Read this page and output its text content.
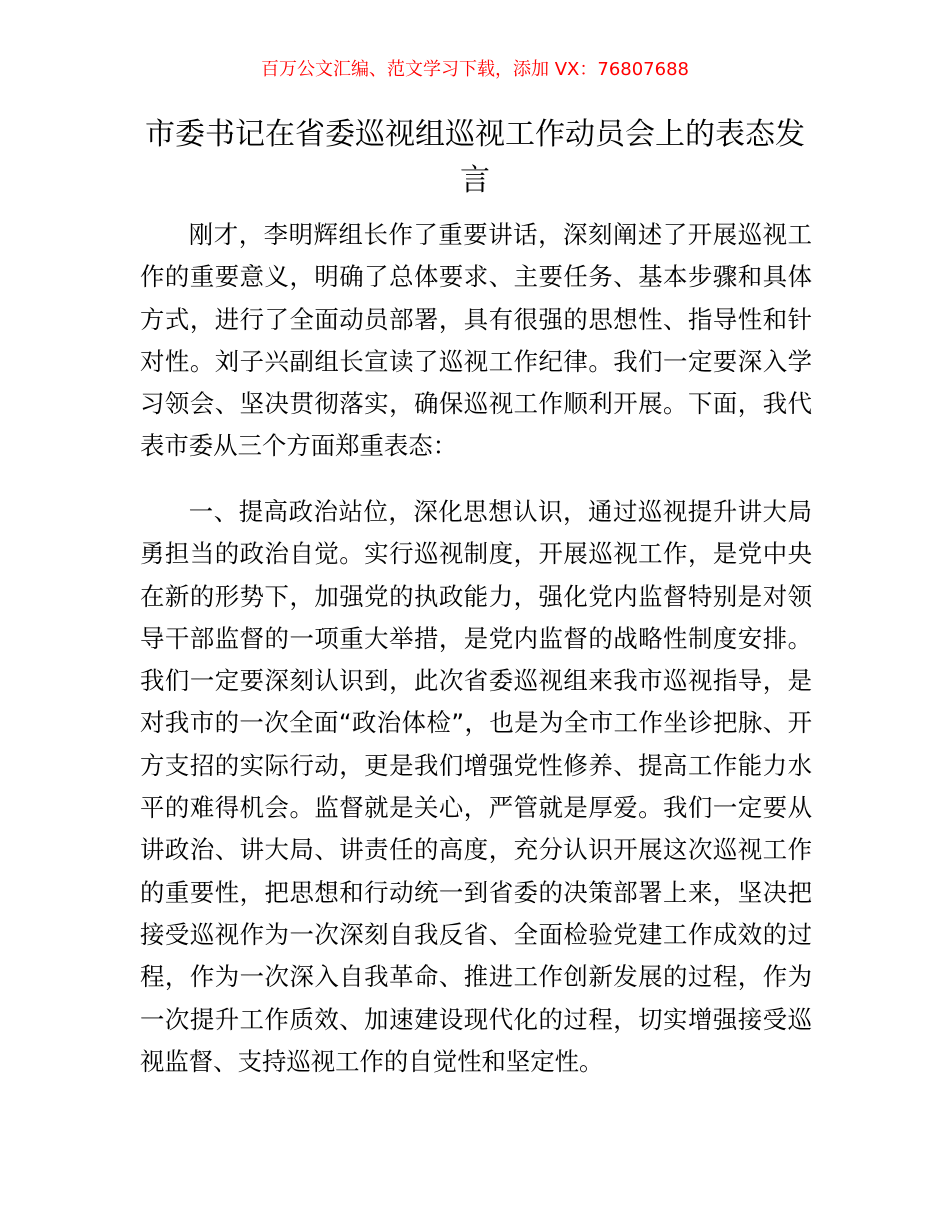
百万公文汇编、范文学习下载，添加 VX：76807688
市委书记在省委巡视组巡视工作动员会上的表态发言

刚才，李明辉组长作了重要讲话，深刻阐述了开展巡视工作的重要意义，明确了总体要求、主要任务、基本步骤和具体方式，进行了全面动员部署，具有很强的思想性、指导性和针对性。刘子兴副组长宣读了巡视工作纪律。我们一定要深入学习领会、坚决贯彻落实，确保巡视工作顺利开展。下面，我代表市委从三个方面郑重表态：

一、提高政治站位，深化思想认识，通过巡视提升讲大局勇担当的政治自觉。实行巡视制度，开展巡视工作，是党中央在新的形势下，加强党的执政能力，强化党内监督特别是对领导干部监督的一项重大举措，是党内监督的战略性制度安排。我们一定要深刻认识到，此次省委巡视组来我市巡视指导，是对我市的一次全面“政治体检”，也是为全市工作坐诊把脉、开方支招的实际行动，更是我们增强党性修养、提高工作能力水平的难得机会。监督就是关心，严管就是厚爱。我们一定要从讲政治、讲大局、讲责任的高度，充分认识开展这次巡视工作的重要性，把思想和行动统一到省委的决策部署上来，坚决把接受巡视作为一次深刻自我反省、全面检验党建工作成效的过程，作为一次深入自我革命、推进工作创新发展的过程，作为一次提升工作质效、加速建设现代化的过程，切实增强接受巡视监督、支持巡视工作的自觉性和坚定性。
